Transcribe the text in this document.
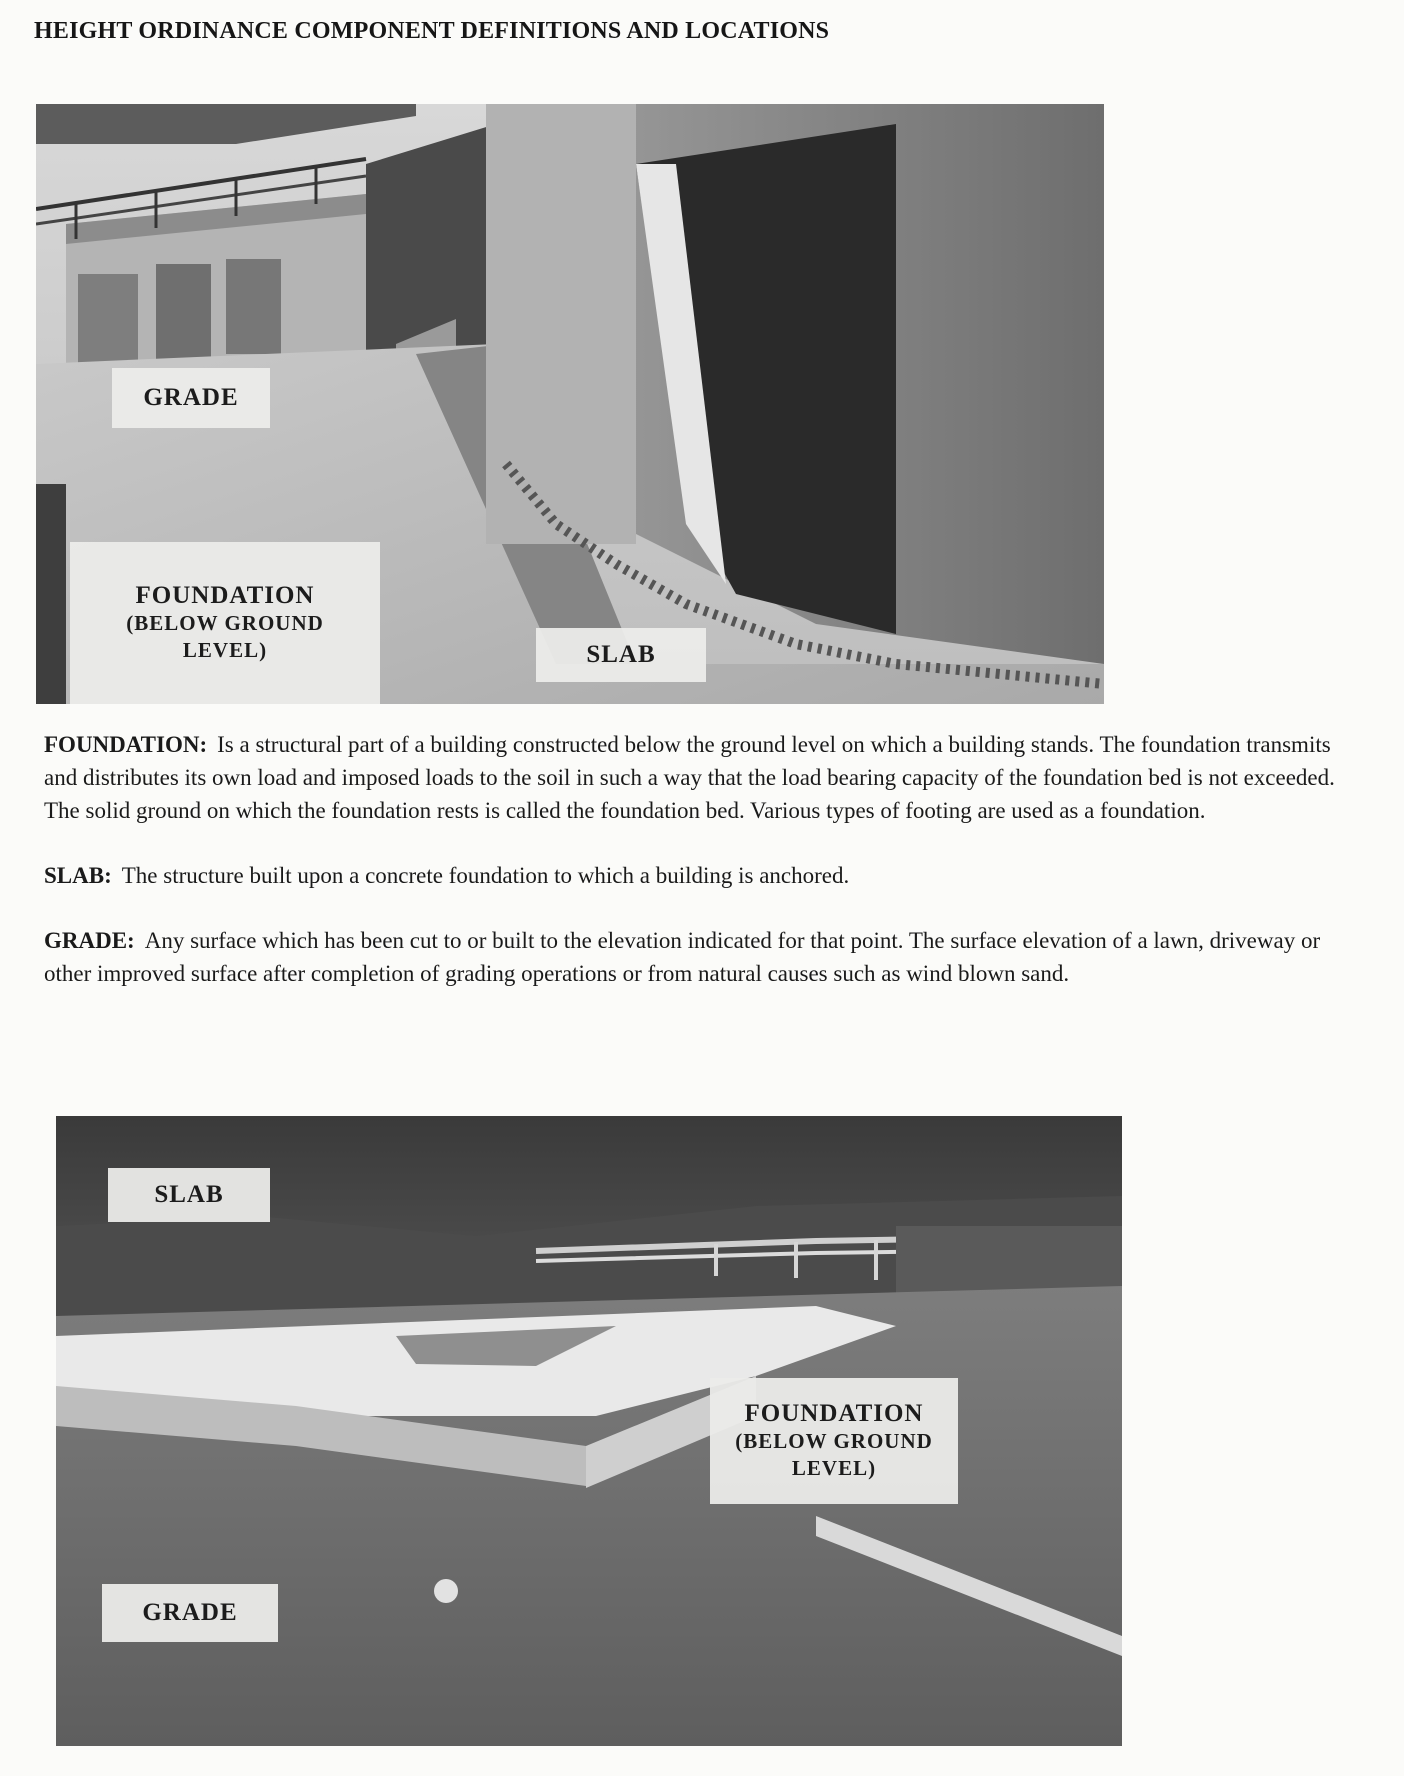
HEIGHT ORDINANCE COMPONENT DEFINITIONS AND LOCATIONS
GRADE
FOUNDATION
(BELOW GROUND
LEVEL)	SLAB

FOUNDATION: Is a structural part of a building constructed below the ground level on which a building stands. The foundation transmits and distributes its own load and imposed loads to the soil in such a way that the load bearing capacity of the foundation bed is not exceeded. The solid ground on which the foundation rests is called the foundation bed. Various types of footing are used as a foundation.

SLAB: The structure built upon a concrete foundation to which a building is anchored.

GRADE: Any surface which has been cut to or built to the elevation indicated for that point. The surface elevation of a lawn, driveway or other improved surface after completion of grading operations or from natural causes such as wind blown sand.

SLAB
FOUNDATION
(BELOW GROUND
LEVEL)
GRADE
